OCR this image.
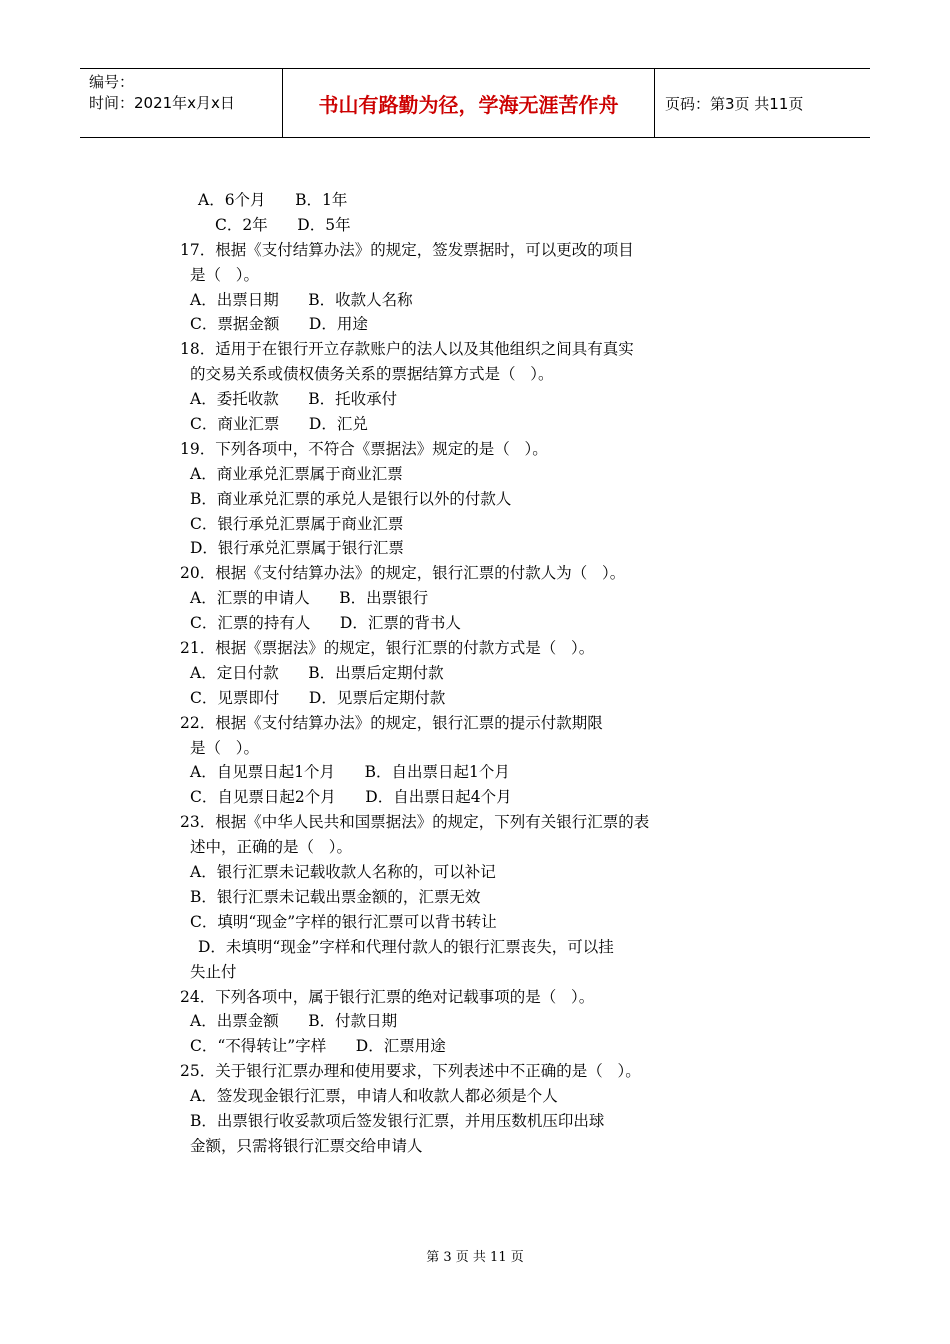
编号：
时间：2021年x月x日	书山有路勤为径，学海无涯苦作舟	页码：第3页 共11页
A．6个月      B．1年
C．2年      D．5年
17．根据《支付结算办法》的规定，签发票据时，可以更改的项目
是（   ）。
A．出票日期      B．收款人名称
C．票据金额      D．用途
18．适用于在银行开立存款账户的法人以及其他组织之间具有真实
的交易关系或债权债务关系的票据结算方式是（   ）。
A．委托收款      B．托收承付
C．商业汇票      D．汇兑
19．下列各项中，不符合《票据法》规定的是（   ）。
A．商业承兑汇票属于商业汇票
B．商业承兑汇票的承兑人是银行以外的付款人
C．银行承兑汇票属于商业汇票
D．银行承兑汇票属于银行汇票
20．根据《支付结算办法》的规定，银行汇票的付款人为（   ）。
A．汇票的申请人      B．出票银行
C．汇票的持有人      D．汇票的背书人
21．根据《票据法》的规定，银行汇票的付款方式是（   ）。
A．定日付款      B．出票后定期付款
C．见票即付      D．见票后定期付款
22．根据《支付结算办法》的规定，银行汇票的提示付款期限
是（   ）。
A．自见票日起1个月      B．自出票日起1个月
C．自见票日起2个月      D．自出票日起4个月
23．根据《中华人民共和国票据法》的规定，下列有关银行汇票的表
述中，正确的是（   ）。
A．银行汇票未记载收款人名称的，可以补记
B．银行汇票未记载出票金额的，汇票无效
C．填明“现金”字样的银行汇票可以背书转让
D．未填明“现金”字样和代理付款人的银行汇票丧失，可以挂
失止付
24．下列各项中，属于银行汇票的绝对记载事项的是（   ）。
A．出票金额      B．付款日期
C．“不得转让”字样      D．汇票用途
25．关于银行汇票办理和使用要求，下列表述中不正确的是（   ）。
A．签发现金银行汇票，申请人和收款人都必须是个人
B．出票银行收妥款项后签发银行汇票，并用压数机压印出球
金额，只需将银行汇票交给申请人
第 3 页 共 11 页
